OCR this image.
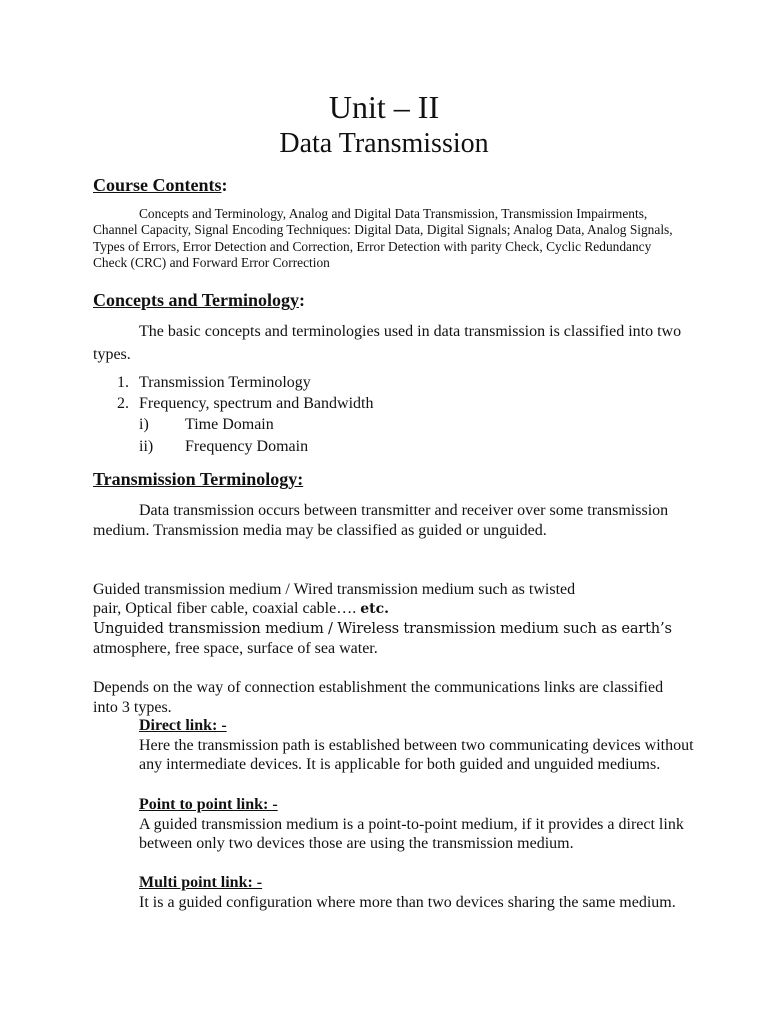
Unit – II
Data Transmission
Course Contents:

Concepts and Terminology, Analog and Digital Data Transmission, Transmission Impairments, Channel Capacity, Signal Encoding Techniques: Digital Data, Digital Signals; Analog Data, Analog Signals, Types of Errors, Error Detection and Correction, Error Detection with parity Check, Cyclic Redundancy Check (CRC) and Forward Error Correction

Concepts and Terminology:

The basic concepts and terminologies used in data transmission is classified into two types.

1. Transmission Terminology
2. Frequency, spectrum and Bandwidth
i) Time Domain
ii) Frequency Domain
Transmission Terminology:

Data transmission occurs between transmitter and receiver over some transmission medium. Transmission media may be classified as guided or unguided.

Guided transmission medium / Wired transmission medium such as twisted
pair, Optical fiber cable, coaxial cable…. etc.
Unguided transmission medium / Wireless transmission medium such as earth’s
atmosphere, free space, surface of sea water.

Depends on the way of connection establishment the communications links are classified into 3 types.

Direct link: -

Here the transmission path is established between two communicating devices without any intermediate devices. It is applicable for both guided and unguided mediums.

Point to point link: -

A guided transmission medium is a point-to-point medium, if it provides a direct link between only two devices those are using the transmission medium.

Multi point link: -

It is a guided configuration where more than two devices sharing the same medium.
